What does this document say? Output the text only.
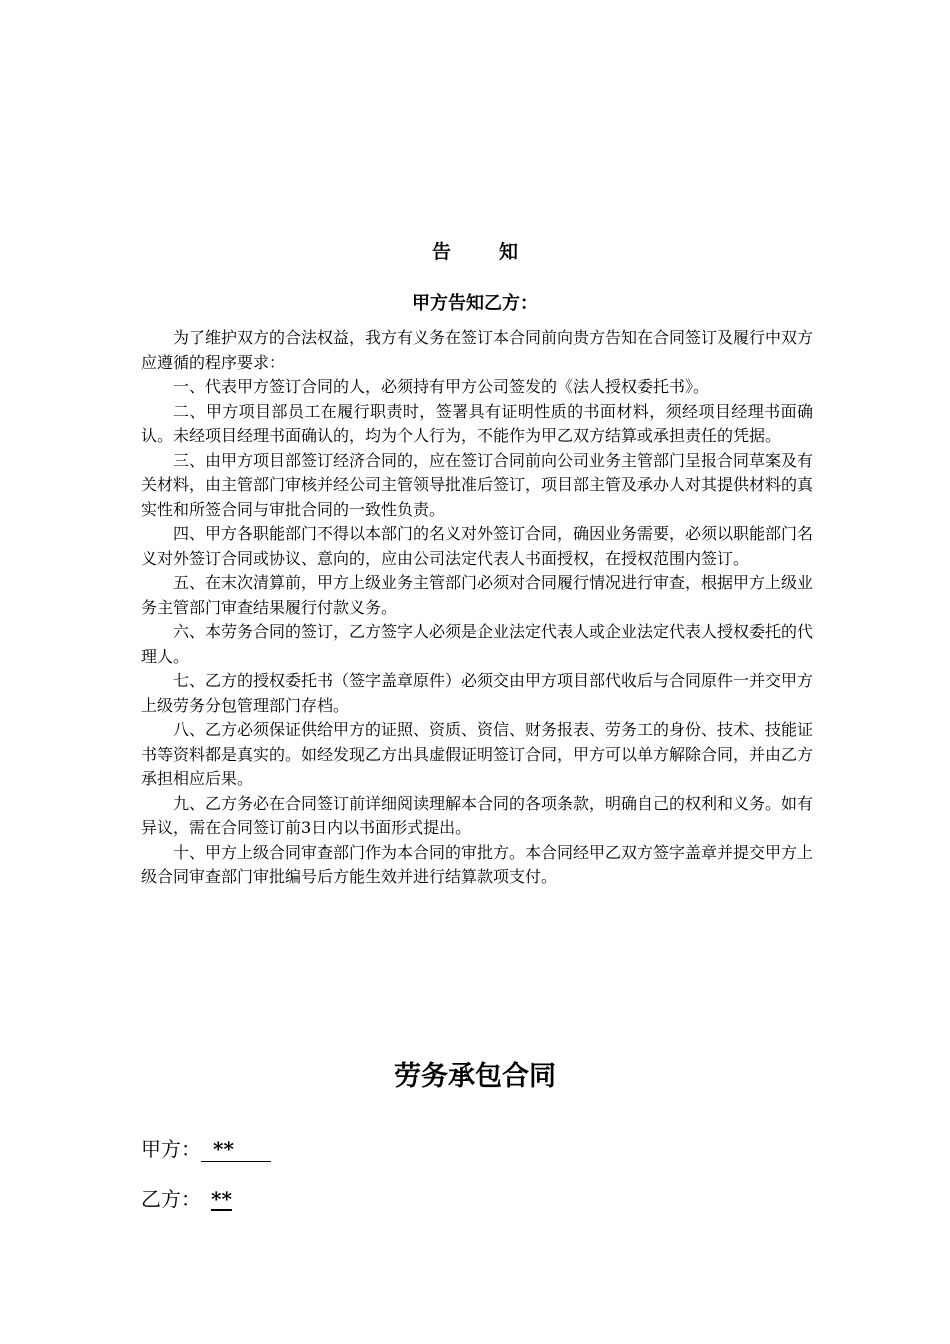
告知
甲方告知乙方：

为了维护双方的合法权益，我方有义务在签订本合同前向贵方告知在合同签订及履行中双方应遵循的程序要求：

一、代表甲方签订合同的人，必须持有甲方公司签发的《法人授权委托书》。

二、甲方项目部员工在履行职责时，签署具有证明性质的书面材料，须经项目经理书面确认。未经项目经理书面确认的，均为个人行为，不能作为甲乙双方结算或承担责任的凭据。

三、由甲方项目部签订经济合同的，应在签订合同前向公司业务主管部门呈报合同草案及有关材料，由主管部门审核并经公司主管领导批准后签订，项目部主管及承办人对其提供材料的真实性和所签合同与审批合同的一致性负责。

四、甲方各职能部门不得以本部门的名义对外签订合同，确因业务需要，必须以职能部门名义对外签订合同或协议、意向的，应由公司法定代表人书面授权，在授权范围内签订。

五、在末次清算前，甲方上级业务主管部门必须对合同履行情况进行审查，根据甲方上级业务主管部门审查结果履行付款义务。

六、本劳务合同的签订，乙方签字人必须是企业法定代表人或企业法定代表人授权委托的代理人。

七、乙方的授权委托书（签字盖章原件）必须交由甲方项目部代收后与合同原件一并交甲方上级劳务分包管理部门存档。

八、乙方必须保证供给甲方的证照、资质、资信、财务报表、劳务工的身份、技术、技能证书等资料都是真实的。如经发现乙方出具虚假证明签订合同，甲方可以单方解除合同，并由乙方承担相应后果。

九、乙方务必在合同签订前详细阅读理解本合同的各项条款，明确自己的权利和义务。如有异议，需在合同签订前3日内以书面形式提出。

十、甲方上级合同审查部门作为本合同的审批方。本合同经甲乙双方签字盖章并提交甲方上级合同审查部门审批编号后方能生效并进行结算款项支付。

劳务承包合同
甲方： **
乙方： **
